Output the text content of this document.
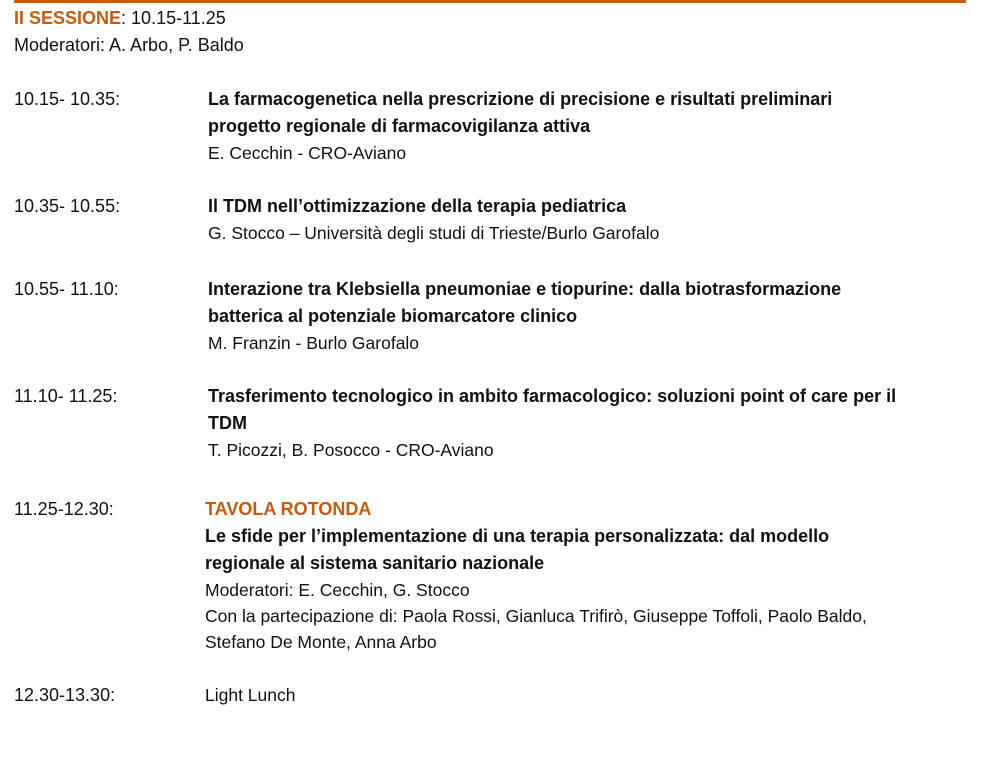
II SESSIONE: 10.15-11.25
Moderatori: A. Arbo, P. Baldo
10.15- 10.35:	La farmacogenetica nella prescrizione di precisione e risultati preliminari

progetto regionale di farmacovigilanza attiva

E. Cecchin - CRO-Aviano

10.35- 10.55:	Il TDM nell’ottimizzazione della terapia pediatrica

G. Stocco – Università degli studi di Trieste/Burlo Garofalo

10.55- 11.10:	Interazione tra Klebsiella pneumoniae e tiopurine: dalla biotrasformazione

batterica al potenziale biomarcatore clinico

M. Franzin - Burlo Garofalo

11.10- 11.25:	Trasferimento tecnologico in ambito farmacologico: soluzioni point of care per il

TDM

T. Picozzi, B. Posocco - CRO-Aviano

11.25-12.30:	TAVOLA ROTONDA

Le sfide per l’implementazione di una terapia personalizzata: dal modello

regionale al sistema sanitario nazionale

Moderatori: E. Cecchin, G. Stocco

Con la partecipazione di: Paola Rossi, Gianluca Trifirò, Giuseppe Toffoli, Paolo Baldo,

Stefano De Monte, Anna Arbo

12.30-13.30:	Light Lunch
